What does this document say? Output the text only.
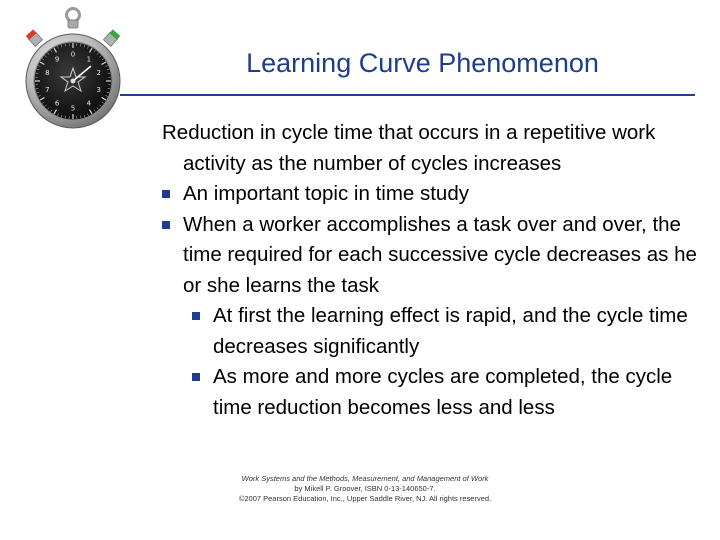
0
1
2
3
4
5
6
7
8
9	Learning Curve Phenomenon
Reduction in cycle time that occurs in a repetitive work activity as the number of cycles increases
An important topic in time study
When a worker accomplishes a task over and over, the time required for each successive cycle decreases as he or she learns the task
At first the learning effect is rapid, and the cycle time decreases significantly
As more and more cycles are completed, the cycle time reduction becomes less and less
Work Systems and the Methods, Measurement, and Management of Work
by Mikell P. Groover, ISBN 0-13-140650-7.
©2007 Pearson Education, Inc., Upper Saddle River, NJ. All rights reserved.
